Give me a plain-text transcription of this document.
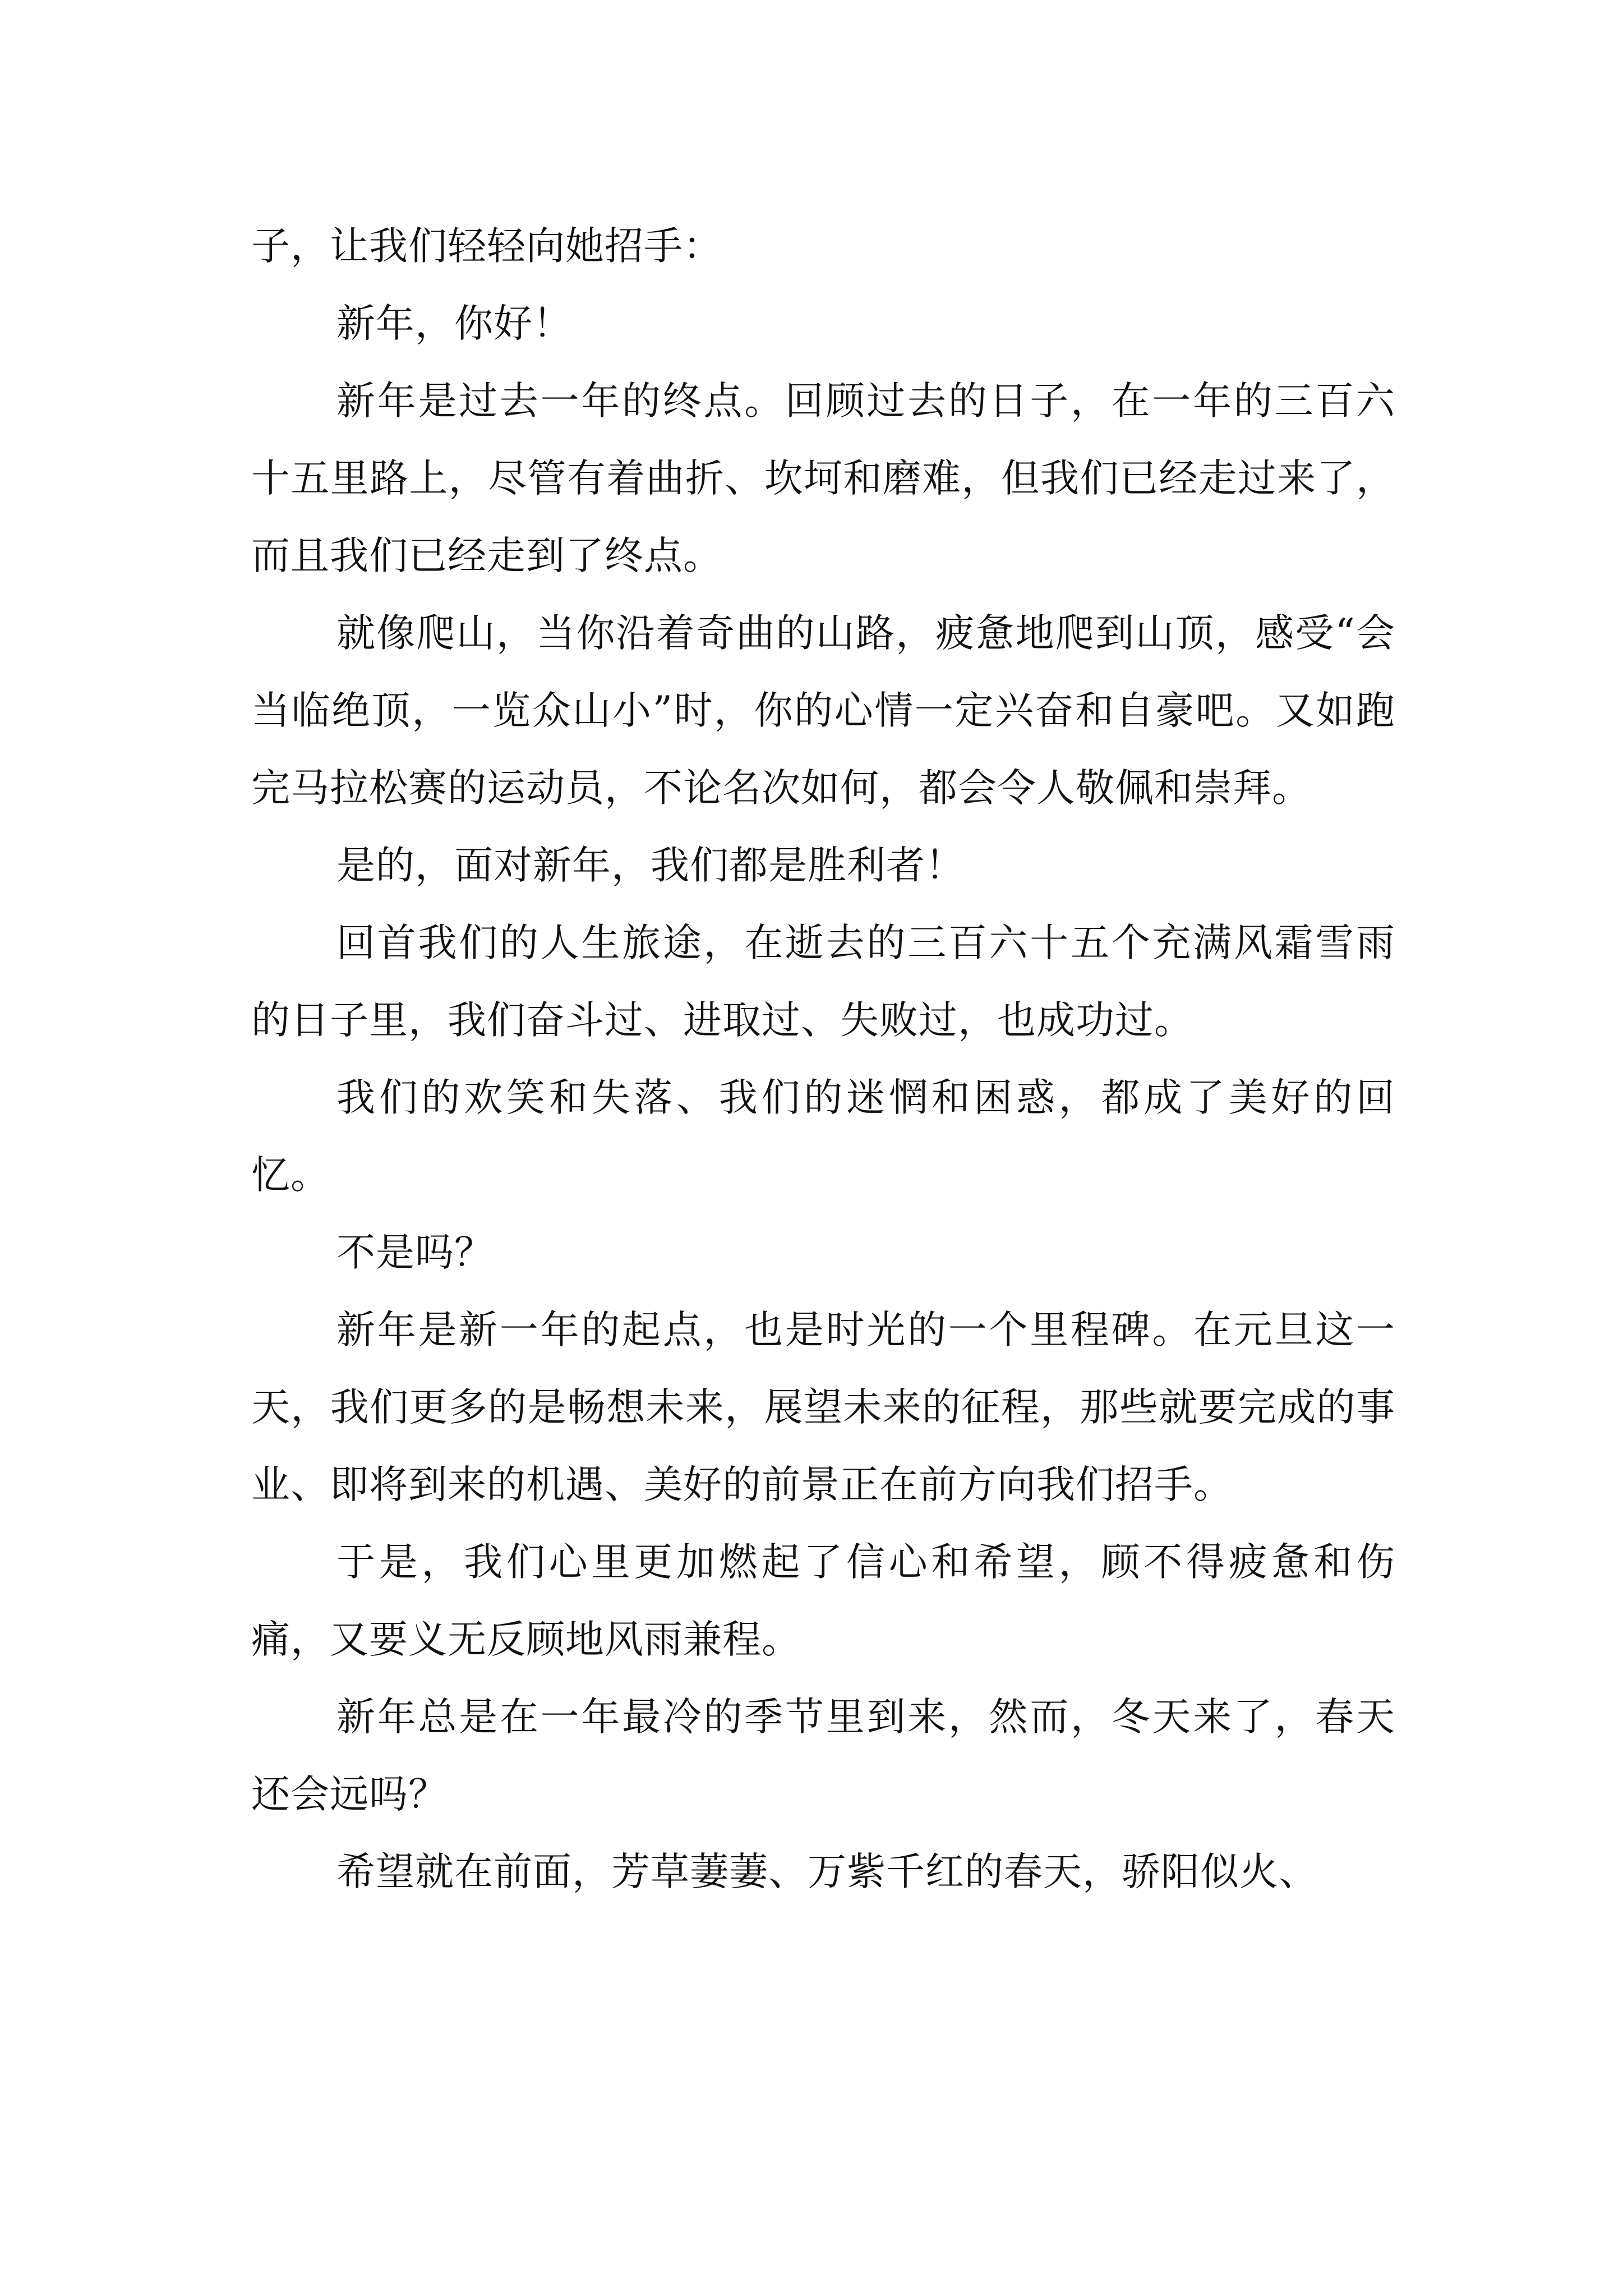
子，让我们轻轻向她招手：

新年，你好！

新年是过去一年的终点。回顾过去的日子，在一年的三百六十五里路上，尽管有着曲折、坎坷和磨难，但我们已经走过来了，而且我们已经走到了终点。

就像爬山，当你沿着奇曲的山路，疲惫地爬到山顶，感受“会当临绝顶，一览众山小”时，你的心情一定兴奋和自豪吧。又如跑完马拉松赛的运动员，不论名次如何，都会令人敬佩和崇拜。

是的，面对新年，我们都是胜利者！

回首我们的人生旅途，在逝去的三百六十五个充满风霜雪雨的日子里，我们奋斗过、进取过、失败过，也成功过。

我们的欢笑和失落、我们的迷惘和困惑，都成了美好的回忆。

不是吗？

新年是新一年的起点，也是时光的一个里程碑。在元旦这一天，我们更多的是畅想未来，展望未来的征程，那些就要完成的事业、即将到来的机遇、美好的前景正在前方向我们招手。

于是，我们心里更加燃起了信心和希望，顾不得疲惫和伤痛，又要义无反顾地风雨兼程。

新年总是在一年最冷的季节里到来，然而，冬天来了，春天还会远吗？

希望就在前面，芳草萋萋、万紫千红的春天，骄阳似火、
